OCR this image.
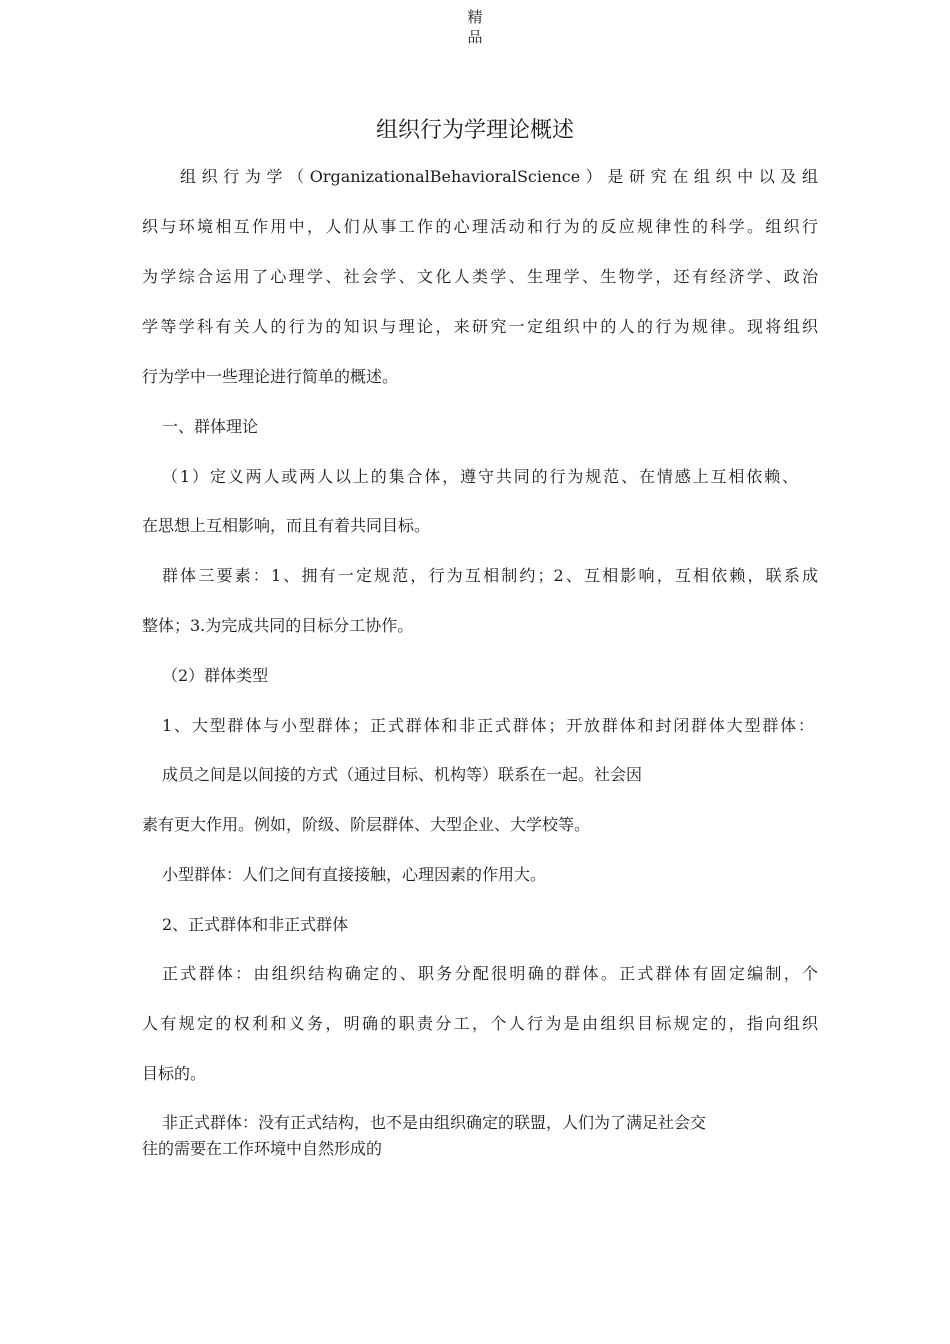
精
品
组织行为学理论概述
组织行为学（OrganizationalBehavioralScience）是研究在组织中以及组
织与环境相互作用中，人们从事工作的心理活动和行为的反应规律性的科学。组织行
为学综合运用了心理学、社会学、文化人类学、生理学、生物学，还有经济学、政治
学等学科有关人的行为的知识与理论，来研究一定组织中的人的行为规律。现将组织
行为学中一些理论进行简单的概述。
一、群体理论
（1）定义两人或两人以上的集合体，遵守共同的行为规范、在情感上互相依赖、
在思想上互相影响，而且有着共同目标。
群体三要素：1、拥有一定规范，行为互相制约；2、互相影响，互相依赖，联系成
整体；3.为完成共同的目标分工协作。
（2）群体类型
1、大型群体与小型群体；正式群体和非正式群体；开放群体和封闭群体大型群体：
成员之间是以间接的方式（通过目标、机构等）联系在一起。社会因
素有更大作用。例如，阶级、阶层群体、大型企业、大学校等。
小型群体：人们之间有直接接触，心理因素的作用大。
2、正式群体和非正式群体
正式群体：由组织结构确定的、职务分配很明确的群体。正式群体有固定编制，个
人有规定的权利和义务，明确的职责分工，个人行为是由组织目标规定的，指向组织
目标的。
非正式群体：没有正式结构，也不是由组织确定的联盟，人们为了满足社会交
往的需要在工作环境中自然形成的
